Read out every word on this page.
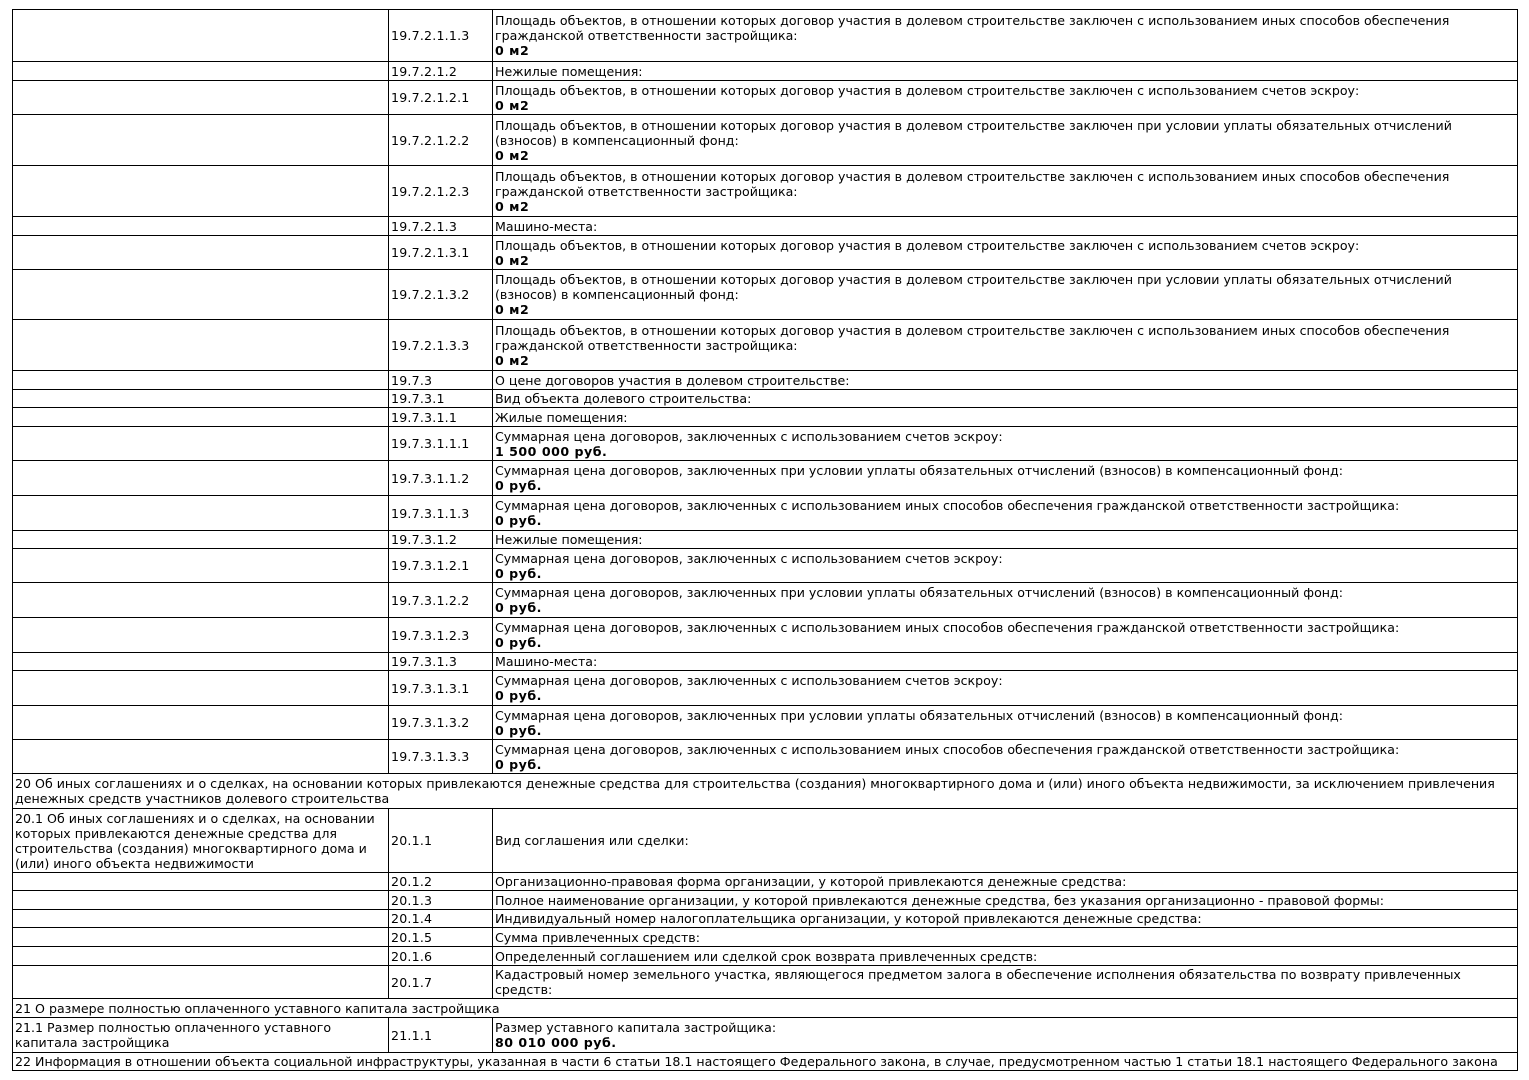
	19.7.2.1.1.3	Площадь объектов, в отношении которых договор участия в долевом строительстве заключен с использованием иных способов обеспечения гражданской ответственности застройщика:
0 м2

	19.7.2.1.2	Нежилые помещения:

	19.7.2.1.2.1	Площадь объектов, в отношении которых договор участия в долевом строительстве заключен с использованием счетов эскроу:
0 м2

	19.7.2.1.2.2	Площадь объектов, в отношении которых договор участия в долевом строительстве заключен при условии уплаты обязательных отчислений (взносов) в компенсационный фонд:
0 м2

	19.7.2.1.2.3	Площадь объектов, в отношении которых договор участия в долевом строительстве заключен с использованием иных способов обеспечения гражданской ответственности застройщика:
0 м2

	19.7.2.1.3	Машино-места:

	19.7.2.1.3.1	Площадь объектов, в отношении которых договор участия в долевом строительстве заключен с использованием счетов эскроу:
0 м2

	19.7.2.1.3.2	Площадь объектов, в отношении которых договор участия в долевом строительстве заключен при условии уплаты обязательных отчислений (взносов) в компенсационный фонд:
0 м2

	19.7.2.1.3.3	Площадь объектов, в отношении которых договор участия в долевом строительстве заключен с использованием иных способов обеспечения гражданской ответственности застройщика:
0 м2

	19.7.3	О цене договоров участия в долевом строительстве:

	19.7.3.1	Вид объекта долевого строительства:

	19.7.3.1.1	Жилые помещения:

	19.7.3.1.1.1	Суммарная цена договоров, заключенных с использованием счетов эскроу:
1 500 000 руб.

	19.7.3.1.1.2	Суммарная цена договоров, заключенных при условии уплаты обязательных отчислений (взносов) в компенсационный фонд:
0 руб.

	19.7.3.1.1.3	Суммарная цена договоров, заключенных с использованием иных способов обеспечения гражданской ответственности застройщика:
0 руб.

	19.7.3.1.2	Нежилые помещения:

	19.7.3.1.2.1	Суммарная цена договоров, заключенных с использованием счетов эскроу:
0 руб.

	19.7.3.1.2.2	Суммарная цена договоров, заключенных при условии уплаты обязательных отчислений (взносов) в компенсационный фонд:
0 руб.

	19.7.3.1.2.3	Суммарная цена договоров, заключенных с использованием иных способов обеспечения гражданской ответственности застройщика:
0 руб.

	19.7.3.1.3	Машино-места:

	19.7.3.1.3.1	Суммарная цена договоров, заключенных с использованием счетов эскроу:
0 руб.

	19.7.3.1.3.2	Суммарная цена договоров, заключенных при условии уплаты обязательных отчислений (взносов) в компенсационный фонд:
0 руб.

	19.7.3.1.3.3	Суммарная цена договоров, заключенных с использованием иных способов обеспечения гражданской ответственности застройщика:
0 руб.

20 Об иных соглашениях и о сделках, на основании которых привлекаются денежные средства для строительства (создания) многоквартирного дома и (или) иного объекта недвижимости, за исключением привлечения денежных средств участников долевого строительства		
20.1 Об иных соглашениях и о сделках, на основании которых привлекаются денежные средства для строительства (создания) многоквартирного дома и (или) иного объекта недвижимости	20.1.1	Вид соглашения или сделки:

	20.1.2	Организационно-правовая форма организации, у которой привлекаются денежные средства:

	20.1.3	Полное наименование организации, у которой привлекаются денежные средства, без указания организационно - правовой формы:

	20.1.4	Индивидуальный номер налогоплательщика организации, у которой привлекаются денежные средства:

	20.1.5	Сумма привлеченных средств:

	20.1.6	Определенный соглашением или сделкой срок возврата привлеченных средств:

	20.1.7	Кадастровый номер земельного участка, являющегося предметом залога в обеспечение исполнения обязательства по возврату привлеченных средств:

21 О размере полностью оплаченного уставного капитала застройщика		
21.1 Размер полностью оплаченного уставного капитала застройщика	21.1.1	Размер уставного капитала застройщика:
80 010 000 руб.

22 Информация в отношении объекта социальной инфраструктуры, указанная в части 6 статьи 18.1 настоящего Федерального закона, в случае, предусмотренном частью 1 статьи 18.1 настоящего Федерального закона		
